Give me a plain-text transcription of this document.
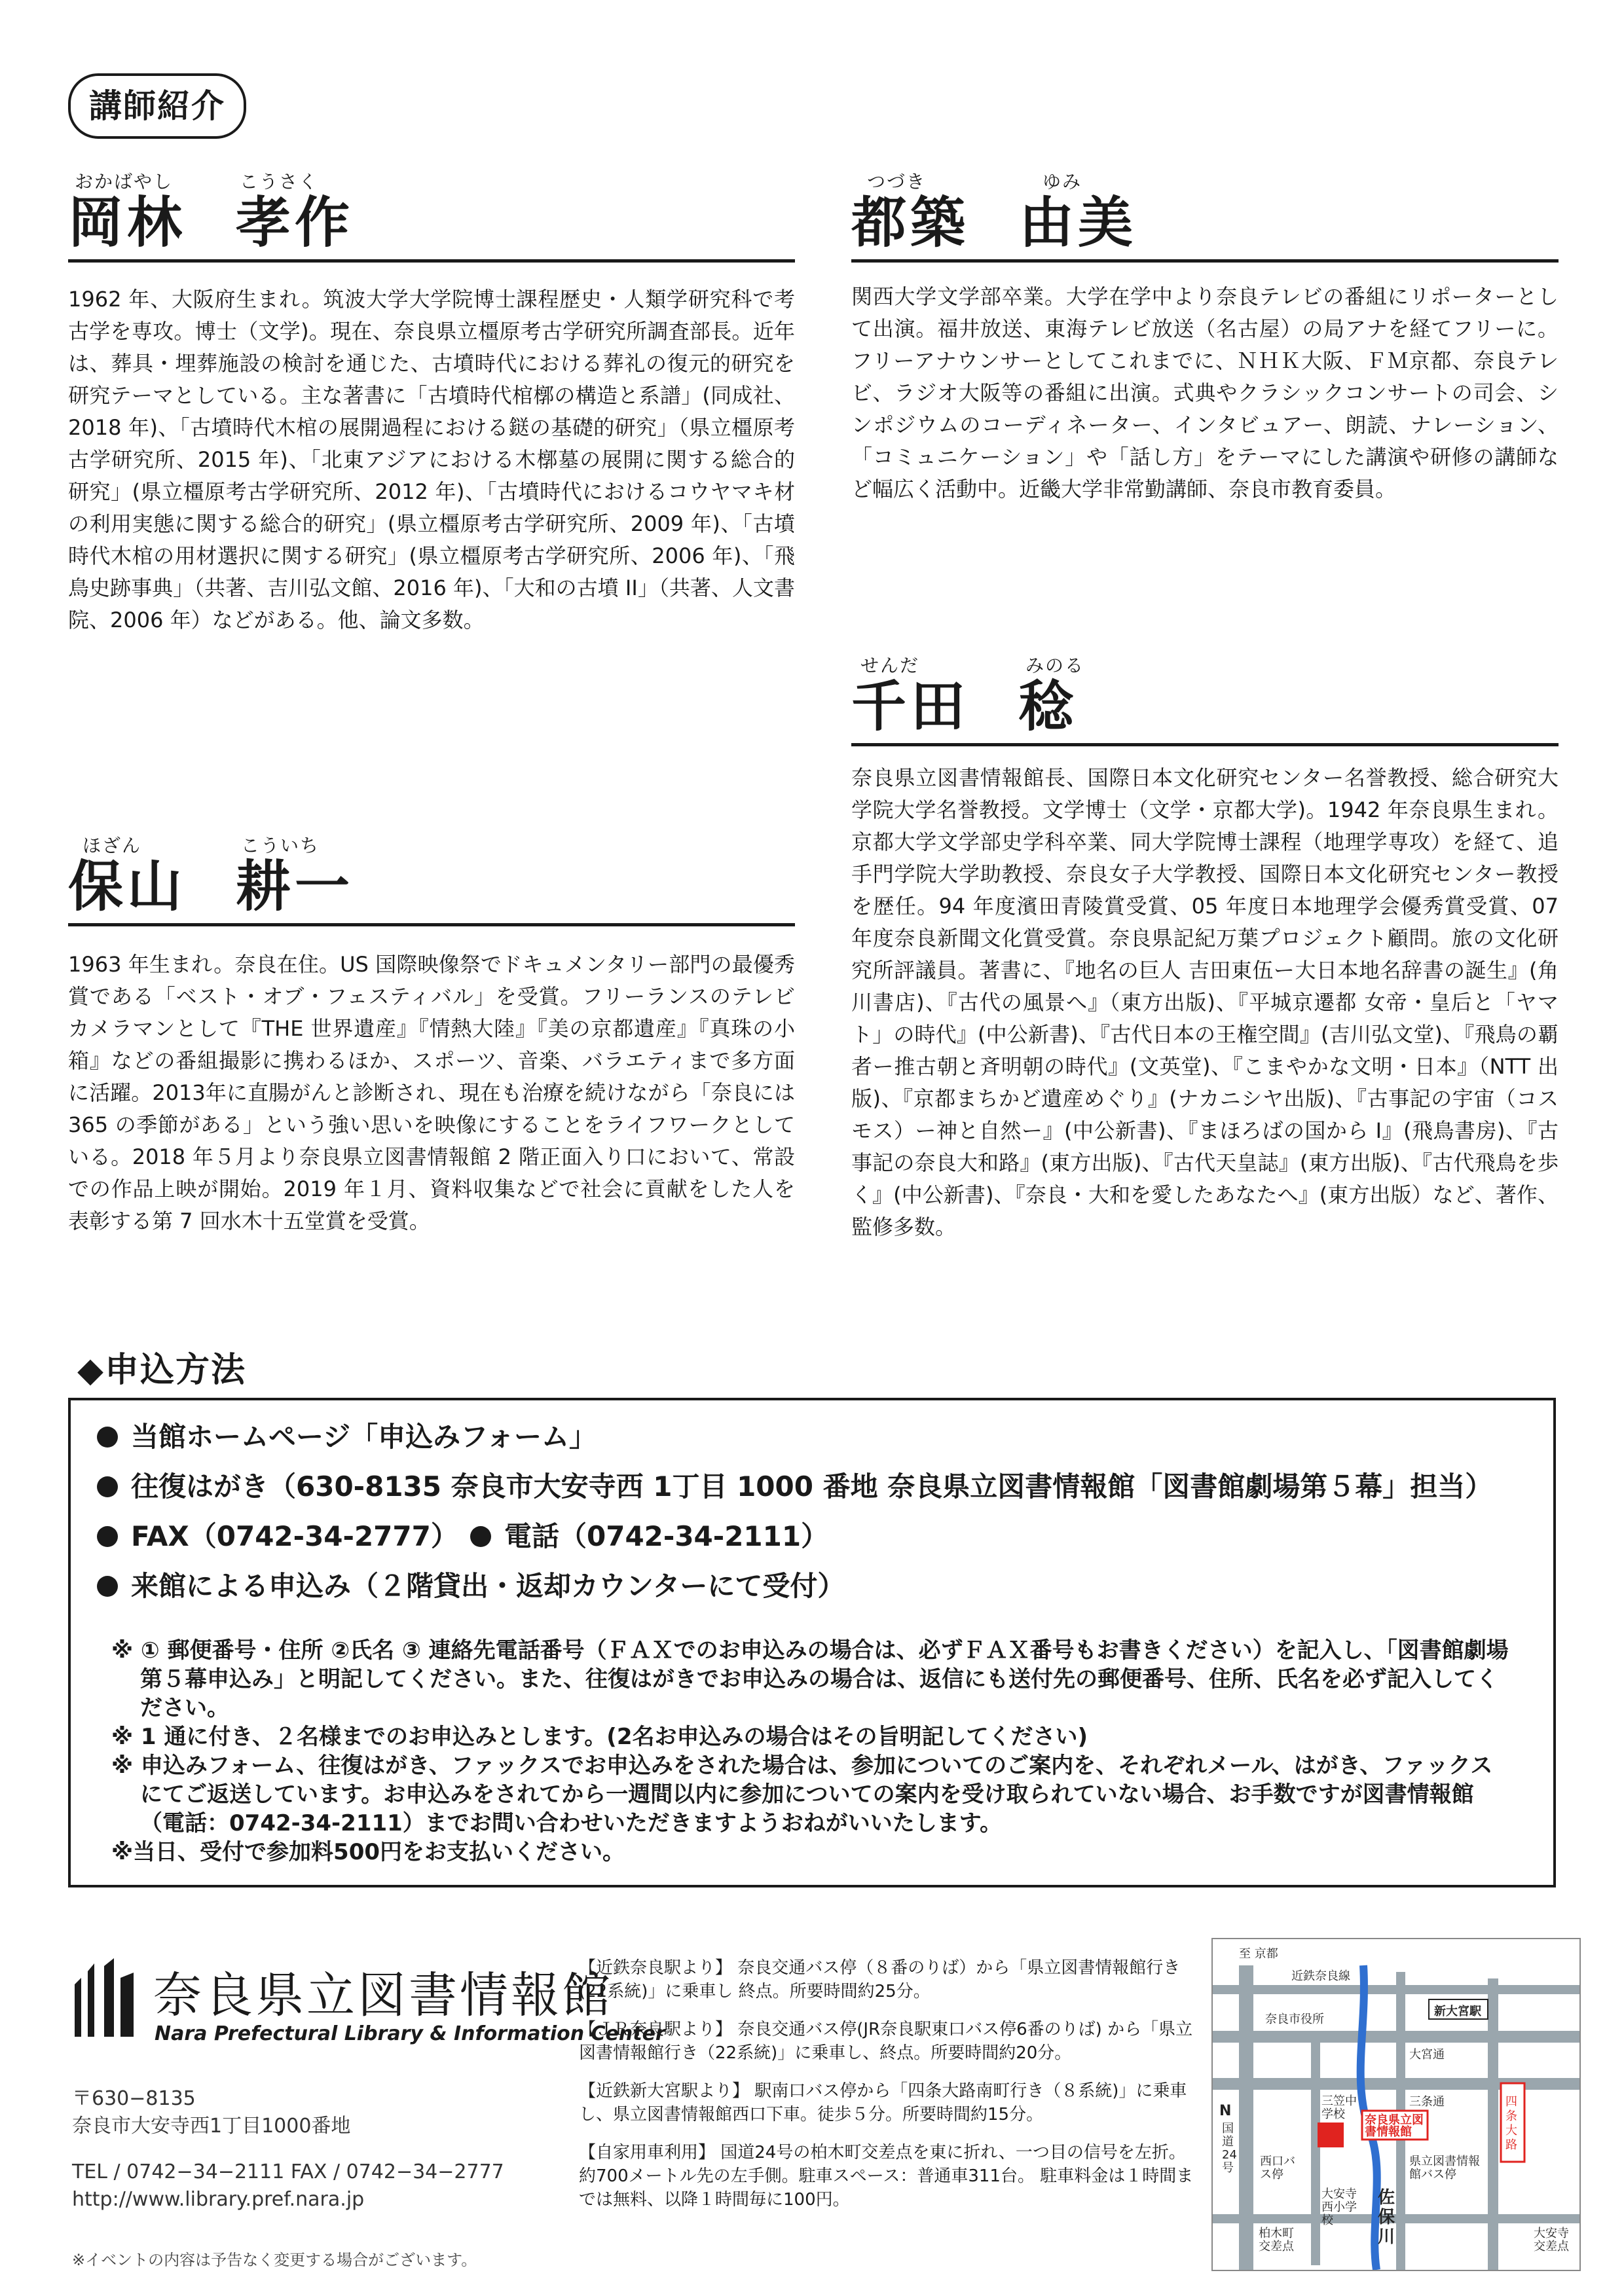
講師紹介
おかばやし	こうさく
岡林 孝作
1962 年、大阪府生まれ。筑波大学大学院博士課程歴史・人類学研究科で考古学を専攻。博士（文学)。現在、奈良県立橿原考古学研究所調査部長。近年は、葬具・埋葬施設の検討を通じた、古墳時代における葬礼の復元的研究を研究テーマとしている。主な著書に「古墳時代棺槨の構造と系譜」(同成社、2018 年)、「古墳時代木棺の展開過程における鎹の基礎的研究」（県立橿原考古学研究所、2015 年)、「北東アジアにおける木槨墓の展開に関する総合的研究」(県立橿原考古学研究所、2012 年)、「古墳時代におけるコウヤマキ材の利用実態に関する総合的研究」(県立橿原考古学研究所、2009 年)、「古墳時代木棺の用材選択に関する研究」(県立橿原考古学研究所、2006 年)、「飛鳥史跡事典」（共著、吉川弘文館、2016 年)、「大和の古墳 II」（共著、人文書院、2006 年）などがある。他、論文多数。
つづき	ゆみ
都築 由美
関西大学文学部卒業。大学在学中より奈良テレビの番組にリポーターとして出演。福井放送、東海テレビ放送（名古屋）の局アナを経てフリーに。フリーアナウンサーとしてこれまでに、ＮＨＫ大阪、ＦＭ京都、奈良テレビ、ラジオ大阪等の番組に出演。式典やクラシックコンサートの司会、シンポジウムのコーディネーター、インタビュアー、朗読、ナレーション、「コミュニケーション」や「話し方」をテーマにした講演や研修の講師など幅広く活動中。近畿大学非常勤講師、奈良市教育委員。
ほざん	こういち
保山 耕一
1963 年生まれ。奈良在住。US 国際映像祭でドキュメンタリー部門の最優秀賞である「ベスト・オブ・フェスティバル」を受賞。フリーランスのテレビカメラマンとして『THE 世界遺産』『情熱大陸』『美の京都遺産』『真珠の小箱』などの番組撮影に携わるほか、スポーツ、音楽、バラエティまで多方面に活躍。2013年に直腸がんと診断され、現在も治療を続けながら「奈良には 365 の季節がある」という強い思いを映像にすることをライフワークとしている。2018 年５月より奈良県立図書情報館 2 階正面入り口において、常設での作品上映が開始。2019 年１月、資料収集などで社会に貢献をした人を表彰する第 7 回水木十五堂賞を受賞。
せんだ	みのる
千田 稔
奈良県立図書情報館長、国際日本文化研究センター名誉教授、総合研究大学院大学名誉教授。文学博士（文学・京都大学)。1942 年奈良県生まれ。京都大学文学部史学科卒業、同大学院博士課程（地理学専攻）を経て、追手門学院大学助教授、奈良女子大学教授、国際日本文化研究センター教授を歴任。94 年度濱田青陵賞受賞、05 年度日本地理学会優秀賞受賞、07 年度奈良新聞文化賞受賞。奈良県記紀万葉プロジェクト顧問。旅の文化研究所評議員。著書に、『地名の巨人 吉田東伍ー大日本地名辞書の誕生』(角川書店)、『古代の風景へ』（東方出版)、『平城京遷都 女帝・皇后と「ヤマト」の時代』(中公新書)、『古代日本の王権空間』(吉川弘文堂)、『飛鳥の覇者ー推古朝と斉明朝の時代』(文英堂)、『こまやかな文明・日本』（NTT 出版)、『京都まちかど遺産めぐり』(ナカニシヤ出版)、『古事記の宇宙（コスモス）ー神と自然ー』(中公新書)、『まほろばの国から I』(飛鳥書房)、『古事記の奈良大和路』(東方出版)、『古代天皇誌』(東方出版)、『古代飛鳥を歩く』(中公新書)、『奈良・大和を愛したあなたへ』(東方出版）など、著作、監修多数。
◆申込方法
当館ホームページ「申込みフォーム」
往復はがき（630-8135 奈良市大安寺西 1丁目 1000 番地 奈良県立図書情報館「図書館劇場第５幕」担当）
FAX（0742-34-2777）	電話（0742-34-2111）
来館による申込み（２階貸出・返却カウンターにて受付）

※ ① 郵便番号・住所 ②氏名 ③ 連絡先電話番号（ＦＡＸでのお申込みの場合は、必ずＦＡＸ番号もお書きください）を記入し、「図書館劇場 第５幕申込み」と明記してください。また、往復はがきでお申込みの場合は、返信にも送付先の郵便番号、住所、氏名を必ず記入してください。

※ 1 通に付き、２名様までのお申込みとします。(2名お申込みの場合はその旨明記してください)

※ 申込みフォーム、往復はがき、ファックスでお申込みをされた場合は、参加についてのご案内を、それぞれメール、はがき、ファックスにてご返送しています。お申込みをされてから一週間以内に参加についての案内を受け取られていない場合、お手数ですが図書情報館（電話：0742-34-2111）までお問い合わせいただきますようおねがいいたします。

※当日、受付で参加料500円をお支払いください。

奈良県立図書情報館
Nara Prefectural Library & Information Center
〒630−8135
奈良市大安寺西1丁目1000番地
TEL / 0742−34−2111 FAX / 0742−34−2777
http://www.library.pref.nara.jp
※イベントの内容は予告なく変更する場合がございます。

【近鉄奈良駅より】 奈良交通バス停（８番のりば）から「県立図書情報館行き(22系統)」に乗車し 終点。所要時間約25分。

【ＪＲ奈良駅より】 奈良交通バス停(JR奈良駅東口バス停6番のりば) から「県立図書情報館行き（22系統)」に乗車し、終点。所要時間約20分。

【近鉄新大宮駅より】 駅南口バス停から「四条大路南町行き（８系統)」に乗車し、県立図書情報館西口下車。徒歩５分。所要時間約15分。

【自家用車利用】 国道24号の柏木町交差点を東に折れ、一つ目の信号を左折。約700メートル先の左手側。駐車スペース：普通車311台。 駐車料金は１時間までは無料、以降１時間毎に100円。

至 京都
近鉄奈良線
新大宮駅
奈良市役所
大宮通
三条通
奈良県立図書情報館
三笠中学校
西口バス停
県立図書情報館バス停
大安寺西小学校
柏木町交差点
佐保川
国道24号
大安寺交差点
四条大路
N
